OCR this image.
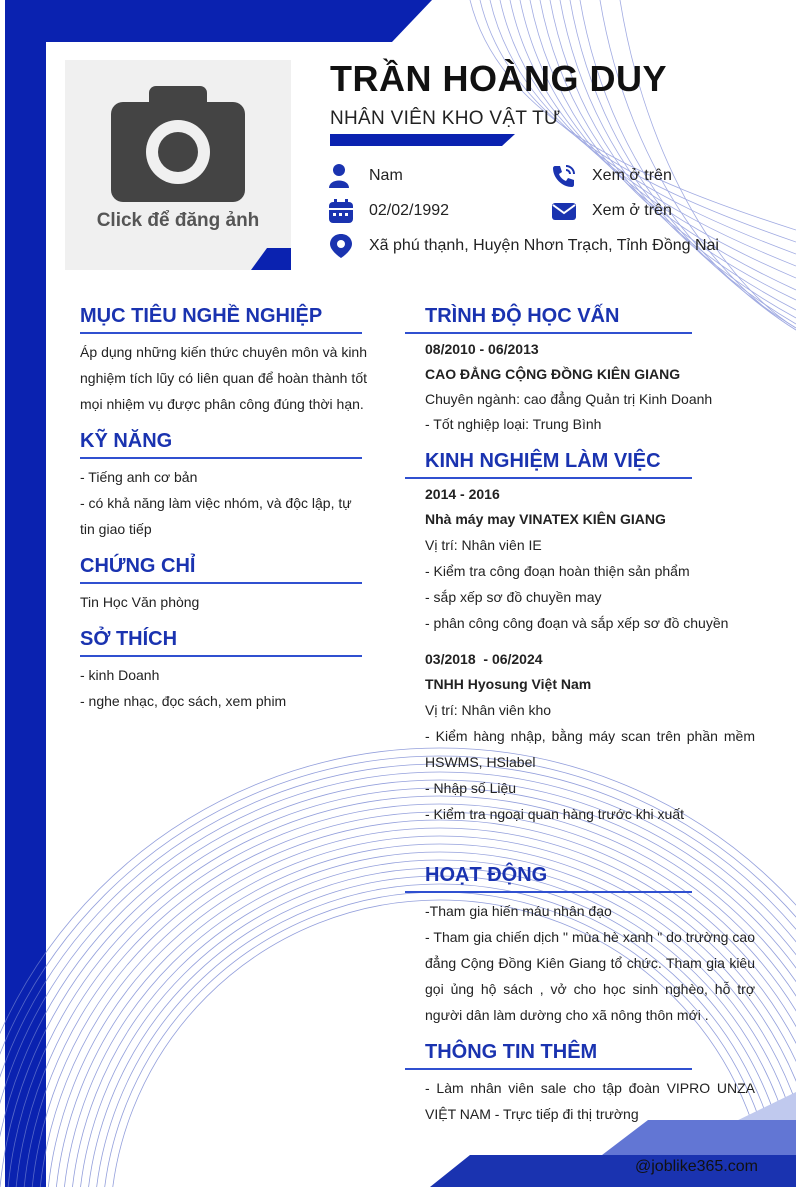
Click để đăng ảnh
TRẦN HOÀNG DUY
NHÂN VIÊN KHO VẬT TƯ
Nam
02/02/1992
Xã phú thạnh, Huyện Nhơn Trạch, Tỉnh Đồng Nai
Xem ở trên
Xem ở trên
MỤC TIÊU NGHỀ NGHIỆP

Áp dụng những kiến thức chuyên môn và kinh nghiệm tích lũy có liên quan để hoàn thành tốt mọi nhiệm vụ được phân công đúng thời hạn.

KỸ NĂNG

- Tiếng anh cơ bản

- có khả năng làm việc nhóm, và độc lập, tự tin giao tiếp

CHỨNG CHỈ

Tin Học Văn phòng

SỞ THÍCH

- kinh Doanh

- nghe nhạc, đọc sách, xem phim

TRÌNH ĐỘ HỌC VẤN

08/2010 - 06/2013

CAO ĐẲNG CỘNG ĐỒNG KIÊN GIANG

Chuyên ngành: cao đẳng Quản trị Kinh Doanh

- Tốt nghiệp loại: Trung Bình

KINH NGHIỆM LÀM VIỆC

2014 - 2016

Nhà máy may VINATEX KIÊN GIANG

Vị trí: Nhân viên IE

- Kiểm tra công đoạn hoàn thiện sản phẩm

- sắp xếp sơ đồ chuyền may

- phân công công đoạn và sắp xếp sơ đồ chuyền

03/2018  - 06/2024

TNHH Hyosung Việt Nam

Vị trí: Nhân viên kho

- Kiểm hàng nhập, bằng máy scan trên phần mềm HSWMS, HSlabel

- Nhập số Liệu

- Kiểm tra ngoại quan hàng trước khi xuất

HOẠT ĐỘNG

-Tham gia hiến máu nhân đạo

- Tham gia chiến dịch " mùa hè xanh " do trường cao đẳng Cộng Đồng Kiên Giang tổ chức. Tham gia kiêu gọi ủng hộ sách , vở cho học sinh nghèo, hỗ trợ người dân làm dường cho xã nông thôn mới .

THÔNG TIN THÊM

- Làm nhân viên sale cho tập đoàn VIPRO UNZA VIỆT NAM - Trực tiếp đi thị trường

@joblike365.com
